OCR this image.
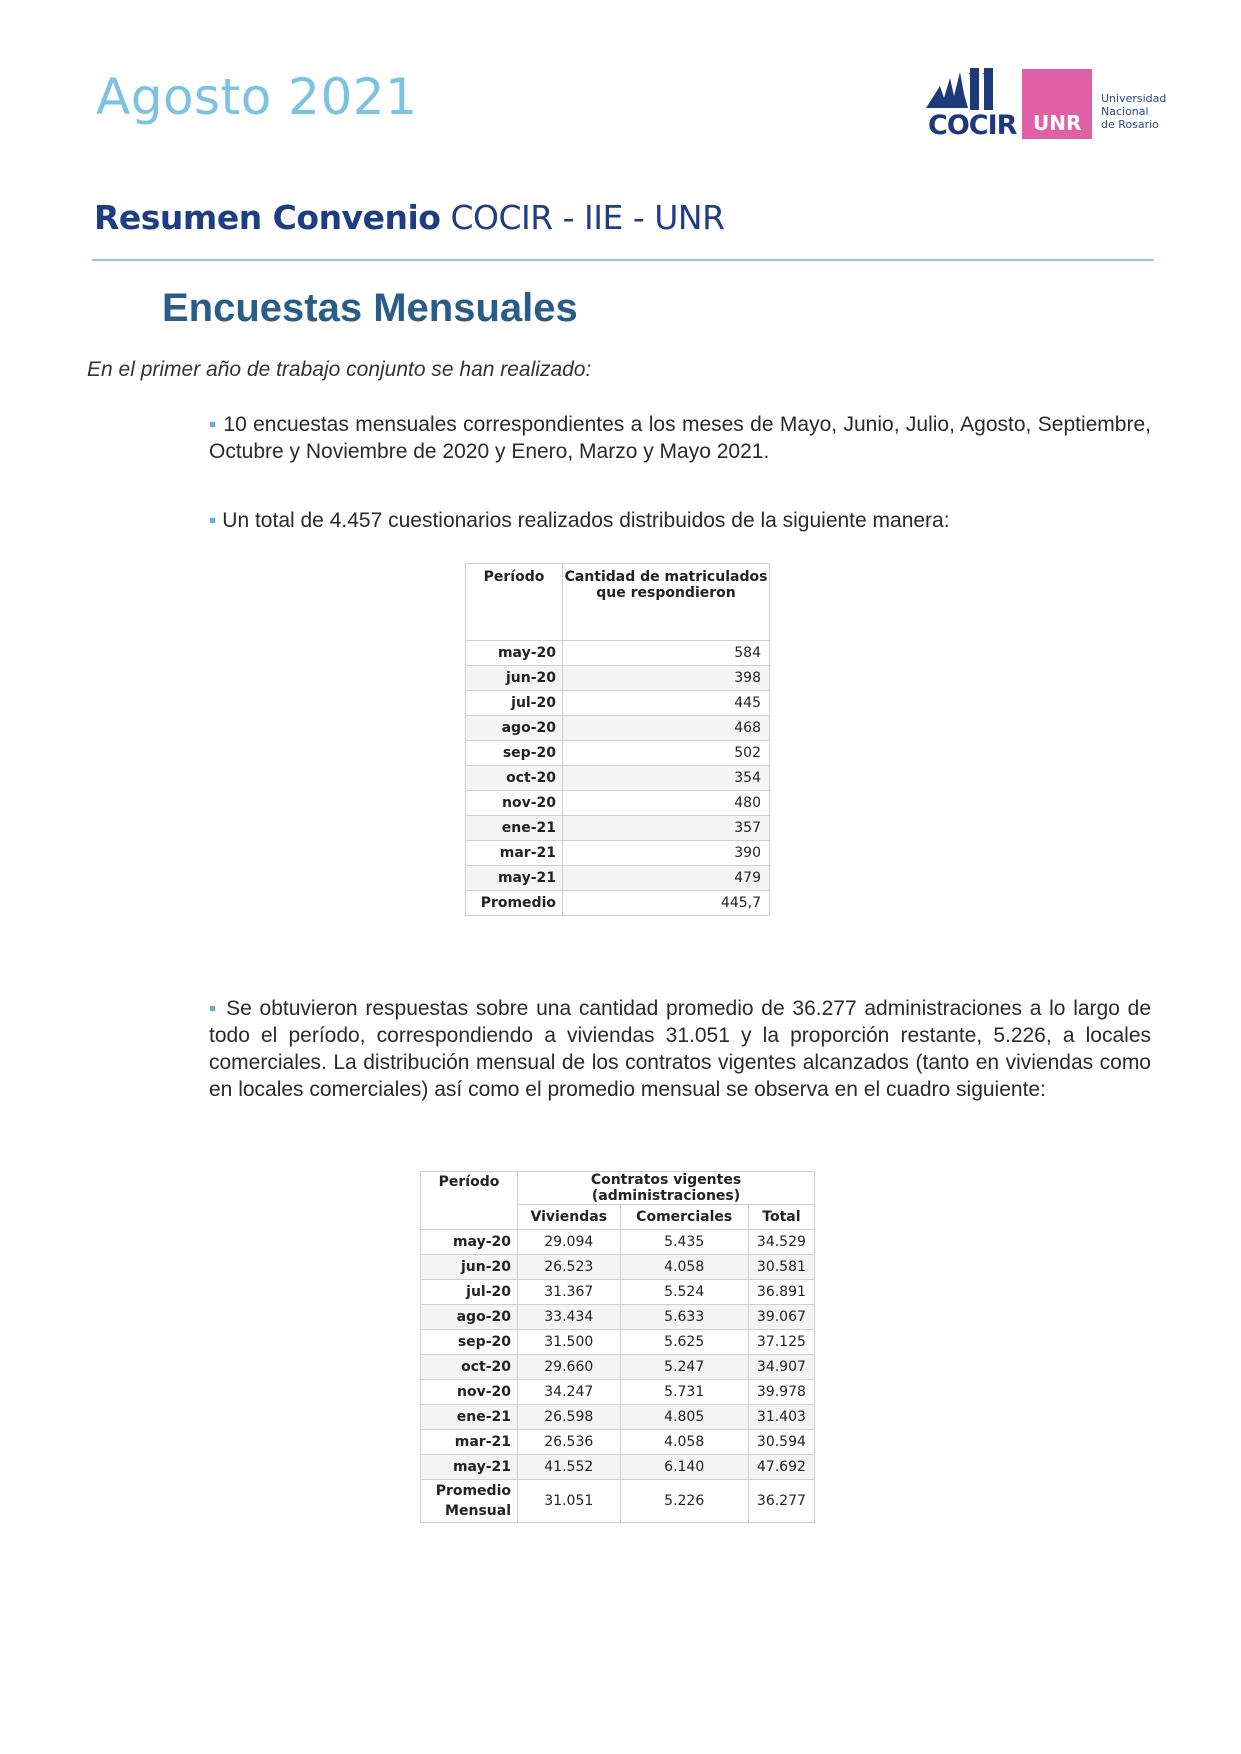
Agosto 2021	COCIR UNR
Universidad
Nacional
de Rosario
Resumen Convenio COCIR - IIE - UNR
Encuestas Mensuales
En el primer año de trabajo conjunto se han realizado:
▪ 10 encuestas mensuales correspondientes a los meses de Mayo, Junio, Julio, Agosto, Septiembre, Octubre y Noviembre de 2020 y Enero, Marzo y Mayo 2021.
▪ Un total de 4.457 cuestionarios realizados distribuidos de la siguiente manera:
Período	Cantidad de matriculados que respondieron
may-20	584
jun-20	398
jul-20	445
ago-20	468
sep-20	502
oct-20	354
nov-20	480
ene-21	357
mar-21	390
may-21	479
Promedio	445,7
▪ Se obtuvieron respuestas sobre una cantidad promedio de 36.277 administraciones a lo largo de todo el período, correspondiendo a viviendas 31.051 y la proporción restante, 5.226, a locales comerciales. La distribución mensual de los contratos vigentes alcanzados (tanto en viviendas como en locales comerciales) así como el promedio mensual se observa en el cuadro siguiente:
Período	Contratos vigentes (administraciones)		
	Viviendas	Comerciales	Total
may-20	29.094	5.435	34.529
jun-20	26.523	4.058	30.581
jul-20	31.367	5.524	36.891
ago-20	33.434	5.633	39.067
sep-20	31.500	5.625	37.125
oct-20	29.660	5.247	34.907
nov-20	34.247	5.731	39.978
ene-21	26.598	4.805	31.403
mar-21	26.536	4.058	30.594
may-21	41.552	6.140	47.692

Promedio
Mensual	31.051	5.226	36.277
